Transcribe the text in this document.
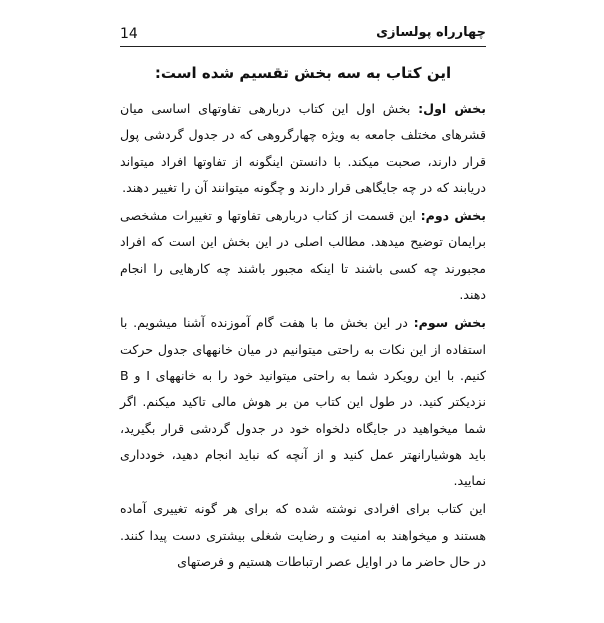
14	چهارراه پولسازی
این کتاب به سه بخش تقسیم شده است:

بخش اول: بخش اول این کتاب دربارهی تفاوتهای اساسی میان قشرهای مختلف جامعه به ویژه چهارگروهی که در جدول گردشی پول قرار دارند، صحبت میکند. با دانستن اینگونه از تفاوتها افراد میتواند دریابند که در چه جایگاهی قرار دارند و چگونه میتوانند آن را تغییر دهند.

بخش دوم: این قسمت از کتاب دربارهی تفاوتها و تغییرات مشخصی برایمان توضیح میدهد. مطالب اصلی در این بخش این است که افراد مجبورند چه کسی باشند تا اینکه مجبور باشند چه کارهایی را انجام دهند.

بخش سوم: در این بخش ما با هفت گام آموزنده آشنا میشویم. با استفاده از این نکات به راحتی میتوانیم در میان خانههای جدول حرکت کنیم. با این رویکرد شما به راحتی میتوانید خود را به خانههای I و B نزدیکتر کنید. در طول این کتاب من بر هوش مالی تاکید میکنم. اگر شما میخواهید در جایگاه دلخواه خود در جدول گردشی قرار بگیرید، باید هوشیارانهتر عمل کنید و از آنچه که نباید انجام دهید، خودداری نمایید.

این کتاب برای افرادی نوشته شده که برای هر گونه تغییری آماده هستند و میخواهند به امنیت و رضایت شغلی بیشتری دست پیدا کنند. در حال حاضر ما در اوایل عصر ارتباطات هستیم و فرصتهای
